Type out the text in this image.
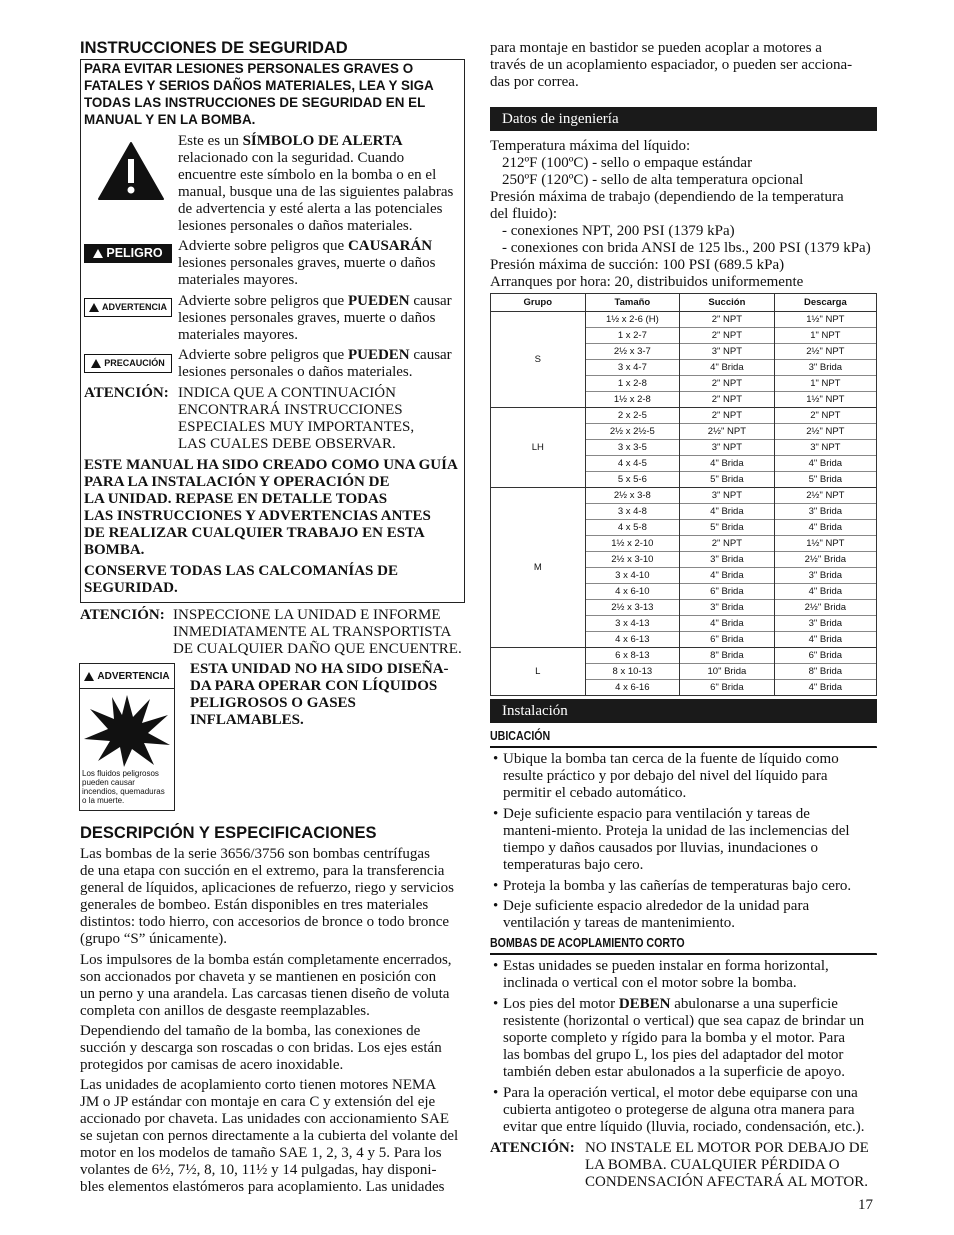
INSTRUCCIONES DE SEGURIDAD
PARA EVITAR LESIONES PERSONALES GRAVES O
FATALES Y SERIOS DAÑOS MATERIALES, LEA Y SIGA
TODAS LAS INSTRUCCIONES DE SEGURIDAD EN EL
MANUAL Y EN LA BOMBA.
Este es un SÍMBOLO DE ALERTA
relacionado con la seguridad. Cuando
encuentre este símbolo en la bomba o en el
manual, busque una de las siguientes palabras
de advertencia y esté alerta a las potenciales
lesiones personales o daños materiales.
PELIGRO Advierte sobre peligros que CAUSARÁN
lesiones personales graves, muerte o daños
materiales mayores.
ADVERTENCIA Advierte sobre peligros que PUEDEN causar
lesiones personales graves, muerte o daños
materiales mayores.
PRECAUCIÓN Advierte sobre peligros que PUEDEN causar
lesiones personales o daños materiales.
ATENCIÓN: INDICA QUE A CONTINUACIÓN
ENCONTRARÁ INSTRUCCIONES
ESPECIALES MUY IMPORTANTES,
LAS CUALES DEBE OBSERVAR.
ESTE MANUAL HA SIDO CREADO COMO UNA GUÍA
PARA LA INSTALACIÓN Y OPERACIÓN DE
LA UNIDAD. REPASE EN DETALLE TODAS
LAS INSTRUCCIONES Y ADVERTENCIAS ANTES
DE REALIZAR CUALQUIER TRABAJO EN ESTA
BOMBA.
CONSERVE TODAS LAS CALCOMANÍAS DE
SEGURIDAD.
ATENCIÓN: INSPECCIONE LA UNIDAD E INFORME
INMEDIATAMENTE AL TRANSPORTISTA
DE CUALQUIER DAÑO QUE ENCUENTRE.
ADVERTENCIA
Los fluidos peligrosos
pueden causar
incendios, quemaduras
o la muerte.
ESTA UNIDAD NO HA SIDO DISEÑA-
DA PARA OPERAR CON LÍQUIDOS
PELIGROSOS O GASES INFLAMABLES.
DESCRIPCIÓN Y ESPECIFICACIONES
Las bombas de la serie 3656/3756 son bombas centrífugas
de una etapa con succión en el extremo, para la transferencia
general de líquidos, aplicaciones de refuerzo, riego y servicios
generales de bombeo. Están disponibles en tres materiales
distintos: todo hierro, con accesorios de bronce o todo bronce
(grupo “S” únicamente).
Los impulsores de la bomba están completamente encerrados,
son accionados por chaveta y se mantienen en posición con
un perno y una arandela. Las carcasas tienen diseño de voluta
completa con anillos de desgaste reemplazables.
Dependiendo del tamaño de la bomba, las conexiones de
succión y descarga son roscadas o con bridas. Los ejes están
protegidos por camisas de acero inoxidable.
Las unidades de acoplamiento corto tienen motores NEMA
JM o JP estándar con montaje en cara C y extensión del eje
accionado por chaveta. Las unidades con accionamiento SAE
se sujetan con pernos directamente a la cubierta del volante del
motor en los modelos de tamaño SAE 1, 2, 3, 4 y 5. Para los
volantes de 6½, 7½, 8, 10, 11½ y 14 pulgadas, hay disponi-
bles elementos elastómeros para acoplamiento. Las unidades
para montaje en bastidor se pueden acoplar a motores a
través de un acoplamiento espaciador, o pueden ser acciona-
das por correa.
Datos de ingeniería
Temperatura máxima del líquido:
212ºF (100ºC) - sello o empaque estándar
250ºF (120ºC) - sello de alta temperatura opcional
Presión máxima de trabajo (dependiendo de la temperatura
del fluido):
- conexiones NPT, 200 PSI (1379 kPa)
- conexiones con brida ANSI de 125 lbs., 200 PSI (1379 kPa)
Presión máxima de succión: 100 PSI (689.5 kPa)
Arranques por hora: 20, distribuidos uniformemente
Grupo	Tamaño	Succión	Descarga
S	1½ x 2-6 (H)	2" NPT	1½" NPT
	1 x 2-7	2" NPT	1" NPT
	2½ x 3-7	3" NPT	2½" NPT
	3 x 4-7	4" Brida	3" Brida
	1 x 2-8	2" NPT	1" NPT
	1½ x 2-8	2" NPT	1½" NPT
LH	2 x 2-5	2" NPT	2" NPT
	2½ x 2½-5	2½" NPT	2½" NPT
	3 x 3-5	3" NPT	3" NPT
	4 x 4-5	4" Brida	4" Brida
	5 x 5-6	5" Brida	5" Brida
M	2½ x 3-8	3" NPT	2½" NPT
	3 x 4-8	4" Brida	3" Brida
	4 x 5-8	5" Brida	4" Brida
	1½ x 2-10	2" NPT	1½" NPT
	2½ x 3-10	3" Brida	2½" Brida
	3 x 4-10	4" Brida	3" Brida
	4 x 6-10	6" Brida	4" Brida
	2½ x 3-13	3" Brida	2½" Brida
	3 x 4-13	4" Brida	3" Brida
	4 x 6-13	6" Brida	4" Brida
L	6 x 8-13	8" Brida	6" Brida
	8 x 10-13	10" Brida	8" Brida
	4 x 6-16	6" Brida	4" Brida
Instalación
UBICACIÓN
• Ubique la bomba tan cerca de la fuente de líquido como
resulte práctico y por debajo del nivel del líquido para
permitir el cebado automático.
• Deje suficiente espacio para ventilación y tareas de
manteni-miento. Proteja la unidad de las inclemencias del
tiempo y daños causados por lluvias, inundaciones o
temperaturas bajo cero.
• Proteja la bomba y las cañerías de temperaturas bajo cero.
• Deje suficiente espacio alrededor de la unidad para
ventilación y tareas de mantenimiento.
BOMBAS DE ACOPLAMIENTO CORTO
• Estas unidades se pueden instalar en forma horizontal,
inclinada o vertical con el motor sobre la bomba.
• Los pies del motor DEBEN abulonarse a una superficie
resistente (horizontal o vertical) que sea capaz de brindar un
soporte completo y rígido para la bomba y el motor. Para
las bombas del grupo L, los pies del adaptador del motor
también deben estar abulonados a la superficie de apoyo.
• Para la operación vertical, el motor debe equiparse con una
cubierta antigoteo o protegerse de alguna otra manera para
evitar que entre líquido (lluvia, rociado, condensación, etc.).
ATENCIÓN: NO INSTALE EL MOTOR POR DEBAJO DE
LA BOMBA. CUALQUIER PÉRDIDA O
CONDENSACIÓN AFECTARÁ AL MOTOR.
17
